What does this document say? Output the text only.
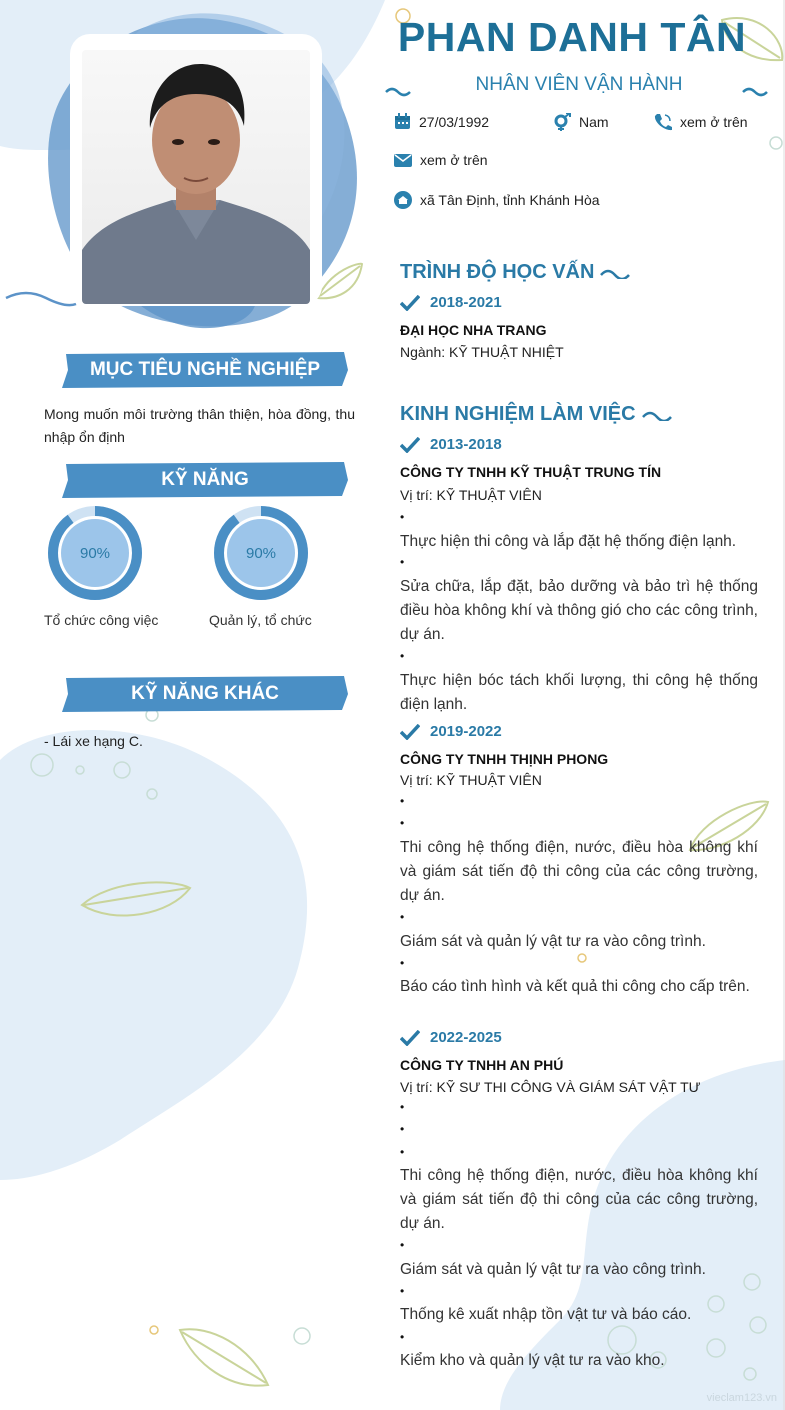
PHAN DANH TÂN
NHÂN VIÊN VẬN HÀNH
27/03/1992	Nam	xem ở trên
xem ở trên
xã Tân Định, tỉnh Khánh Hòa
MỤC TIÊU NGHỀ NGHIỆP
Mong muốn môi trường thân thiện, hòa đồng, thu nhập ổn định
KỸ NĂNG
90%
Tổ chức công việc
90%
Quản lý, tổ chức
KỸ NĂNG KHÁC
- Lái xe hạng C.
TRÌNH ĐỘ HỌC VẤN
2018-2021
ĐẠI HỌC NHA TRANG
Ngành: KỸ THUẬT NHIỆT
KINH NGHIỆM LÀM VIỆC
2013-2018
CÔNG TY TNHH KỸ THUẬT TRUNG TÍN
Vị trí: KỸ THUẬT VIÊN
•
Thực hiện thi công và lắp đặt hệ thống điện lạnh.
•
Sửa chữa, lắp đặt, bảo dưỡng và bảo trì hệ thống điều hòa không khí và thông gió cho các công trình, dự án.
•
Thực hiện bóc tách khối lượng, thi công hệ thống điện lạnh.
2019-2022
CÔNG TY TNHH THỊNH PHONG
Vị trí: KỸ THUẬT VIÊN
•
•
Thi công hệ thống điện, nước, điều hòa không khí và giám sát tiến độ thi công của các công trường, dự án.
•
Giám sát và quản lý vật tư ra vào công trình.
•
Báo cáo tình hình và kết quả thi công cho cấp trên.
2022-2025
CÔNG TY TNHH AN PHÚ
Vị trí: KỸ SƯ THI CÔNG VÀ GIÁM SÁT VẬT TƯ
•
•
•
Thi công hệ thống điện, nước, điều hòa không khí và giám sát tiến độ thi công của các công trường, dự án.
•
Giám sát và quản lý vật tư ra vào công trình.
•
Thống kê xuất nhập tồn vật tư và báo cáo.
•
Kiểm kho và quản lý vật tư ra vào kho.
vieclam123.vn
